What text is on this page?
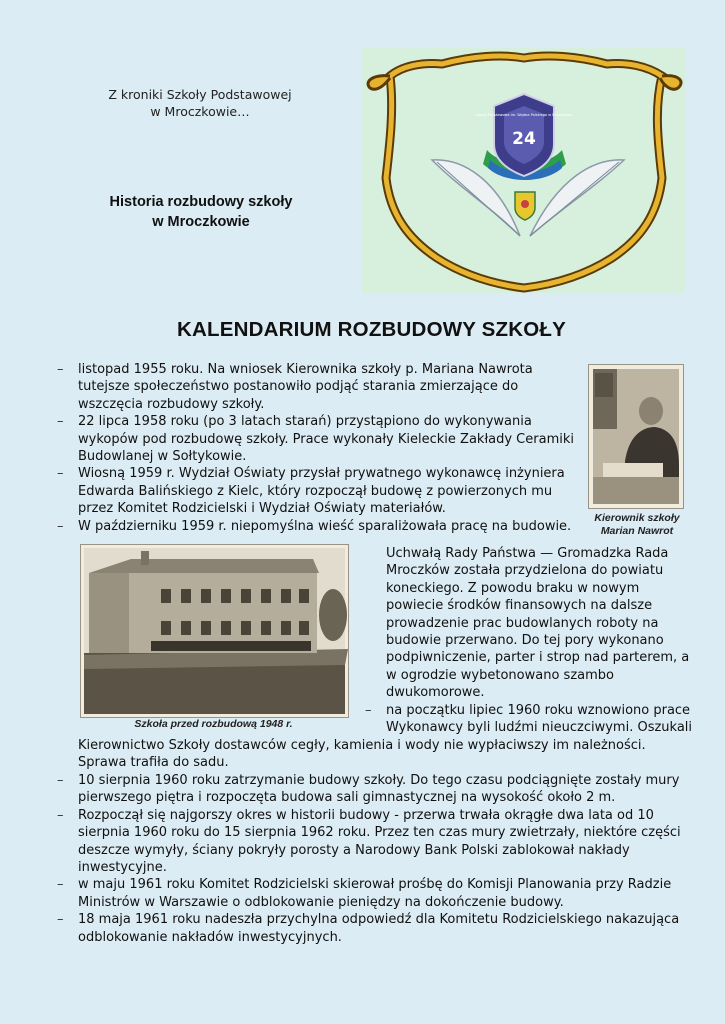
Z kroniki Szkoły Podstawowej
w Mroczkowie…
Historia rozbudowy szkoły
w Mroczkowie
24
Szkoła Podstawowa im. Wojska Polskiego w Mroczkowie
KALENDARIUM ROZBUDOWY SZKOŁY
– listopad 1955 roku. Na wniosek Kierownika szkoły p. Mariana Nawrota
tutejsze społeczeństwo postanowiło podjąć starania zmierzające do
wszczęcia rozbudowy szkoły.
– 22 lipca 1958 roku (po 3 latach starań) przystąpiono do wykonywania
wykopów pod rozbudowę szkoły. Prace wykonały Kieleckie Zakłady Ceramiki
Budowlanej w Sołtykowie.
– Wiosną 1959 r. Wydział Oświaty przysłał prywatnego wykonawcę inżyniera
Edwarda Balińskiego z Kielc, który rozpoczął budowę z powierzonych mu
przez Komitet Rodzicielski i Wydział Oświaty materiałów.
– W październiku 1959 r. niepomyślna wieść sparaliżowała pracę na budowie.
Kierownik szkoły
Marian Nawrot
Szkoła przed rozbudową 1948 r.
Uchwałą Rady Państwa — Gromadzka Rada
Mroczków została przydzielona do powiatu
koneckiego. Z powodu braku w nowym
powiecie środków finansowych na dalsze
prowadzenie prac budowlanych roboty na
budowie przerwano. Do tej pory wykonano
podpiwniczenie, parter i strop nad parterem, a
w ogrodzie wybetonowano szambo
dwukomorowe.
– na początku lipiec 1960 roku wznowiono prace
Wykonawcy byli ludźmi nieuczciwymi. Oszukali
Kierownictwo Szkoły dostawców cegły, kamienia i wody nie wypłaciwszy im należności.
Sprawa trafiła do sadu.
– 10 sierpnia 1960 roku zatrzymanie budowy szkoły. Do tego czasu podciągnięte zostały mury
pierwszego piętra i rozpoczęta budowa sali gimnastycznej na wysokość około 2 m.
– Rozpoczął się najgorszy okres w historii budowy - przerwa trwała okrągłe dwa lata od 10
sierpnia 1960 roku do 15 sierpnia 1962 roku. Przez ten czas mury zwietrzały, niektóre części
deszcze wymyły, ściany pokryły porosty a Narodowy Bank Polski zablokował nakłady
inwestycyjne.
– w maju 1961 roku Komitet Rodzicielski skierował prośbę do Komisji Planowania przy Radzie
Ministrów w Warszawie o odblokowanie pieniędzy na dokończenie budowy.
– 18 maja 1961 roku nadeszła przychylna odpowiedź dla Komitetu Rodzicielskiego nakazująca
odblokowanie nakładów inwestycyjnych.
